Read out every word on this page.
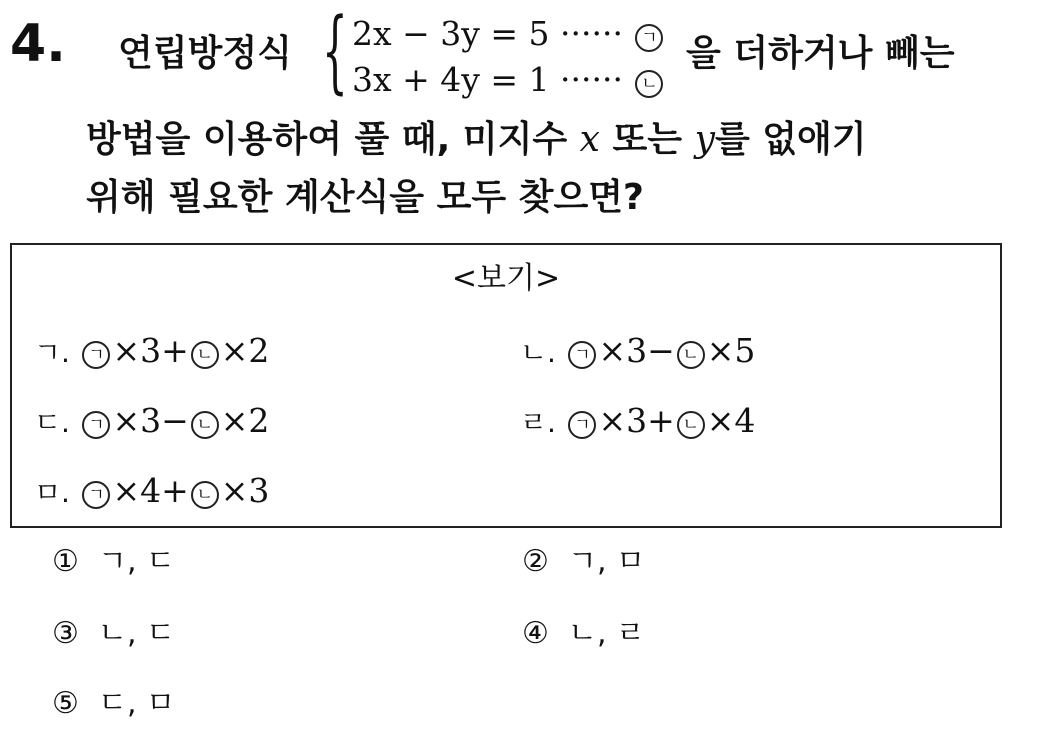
4. 연립방정식 { 2x − 3y = 5 ······ ㄱ
3x + 4y = 1 ······ ㄴ
을 더하거나 빼는
방법을 이용하여 풀 때, 미지수 x 또는 y를 없애기
위해 필요한 계산식을 모두 찾으면?
<보기>
ㄱ. ㄱ ×3+ ㄴ ×2	ㄴ. ㄱ ×3− ㄴ ×5
ㄷ. ㄱ ×3− ㄴ ×2	ㄹ. ㄱ ×3+ ㄴ ×4
ㅁ. ㄱ ×4+ ㄴ ×3
① ㄱ, ㄷ	② ㄱ, ㅁ
③ ㄴ, ㄷ	④ ㄴ, ㄹ
⑤ ㄷ, ㅁ
